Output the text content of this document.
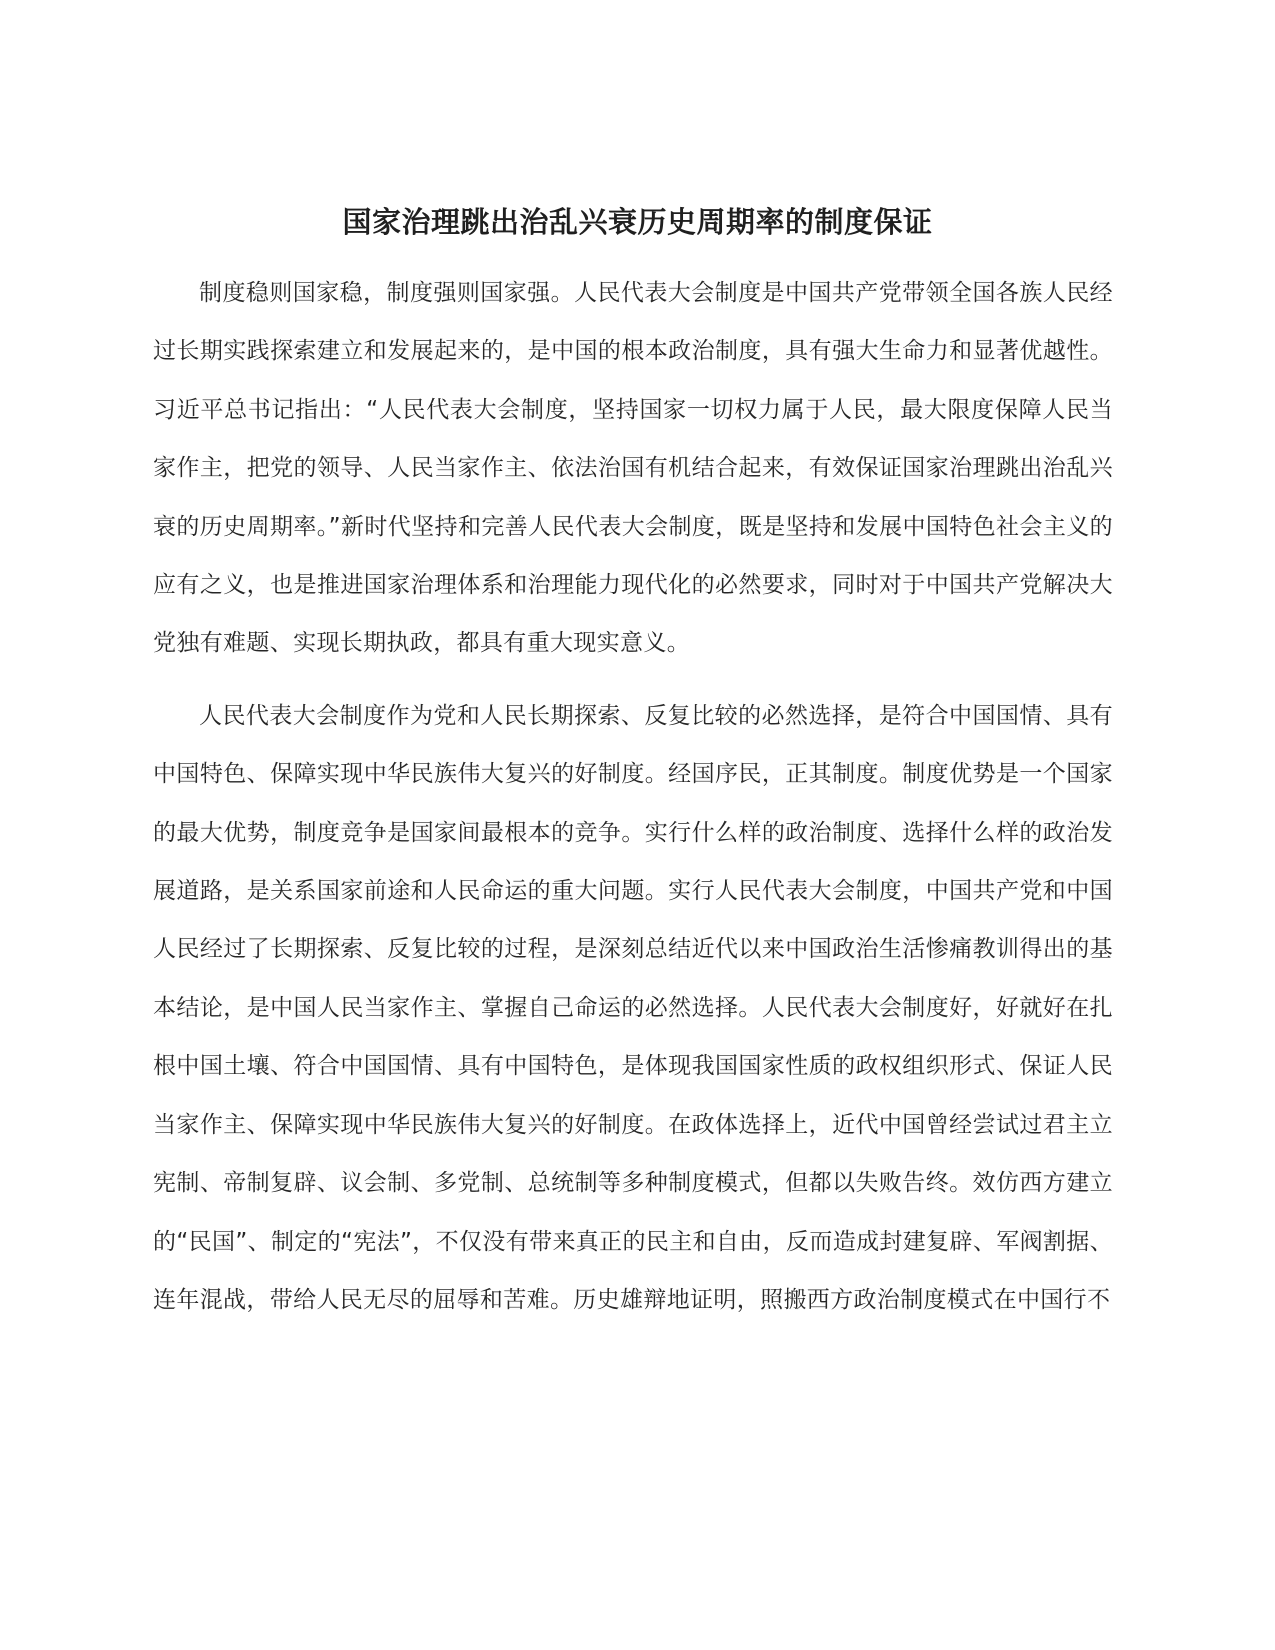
国家治理跳出治乱兴衰历史周期率的制度保证

制度稳则国家稳，制度强则国家强。人民代表大会制度是中国共产党带领全国各族人民经过长期实践探索建立和发展起来的，是中国的根本政治制度，具有强大生命力和显著优越性。习近平总书记指出：“人民代表大会制度，坚持国家一切权力属于人民，最大限度保障人民当家作主，把党的领导、人民当家作主、依法治国有机结合起来，有效保证国家治理跳出治乱兴衰的历史周期率。”新时代坚持和完善人民代表大会制度，既是坚持和发展中国特色社会主义的应有之义，也是推进国家治理体系和治理能力现代化的必然要求，同时对于中国共产党解决大党独有难题、实现长期执政，都具有重大现实意义。

人民代表大会制度作为党和人民长期探索、反复比较的必然选择，是符合中国国情、具有中国特色、保障实现中华民族伟大复兴的好制度。经国序民，正其制度。制度优势是一个国家的最大优势，制度竞争是国家间最根本的竞争。实行什么样的政治制度、选择什么样的政治发展道路，是关系国家前途和人民命运的重大问题。实行人民代表大会制度，中国共产党和中国人民经过了长期探索、反复比较的过程，是深刻总结近代以来中国政治生活惨痛教训得出的基本结论，是中国人民当家作主、掌握自己命运的必然选择。人民代表大会制度好，好就好在扎根中国土壤、符合中国国情、具有中国特色，是体现我国国家性质的政权组织形式、保证人民当家作主、保障实现中华民族伟大复兴的好制度。在政体选择上，近代中国曾经尝试过君主立宪制、帝制复辟、议会制、多党制、总统制等多种制度模式，但都以失败告终。效仿西方建立的“民国”、制定的“宪法”，不仅没有带来真正的民主和自由，反而造成封建复辟、军阀割据、连年混战，带给人民无尽的屈辱和苦难。历史雄辩地证明，照搬西方政治制度模式在中国行不
